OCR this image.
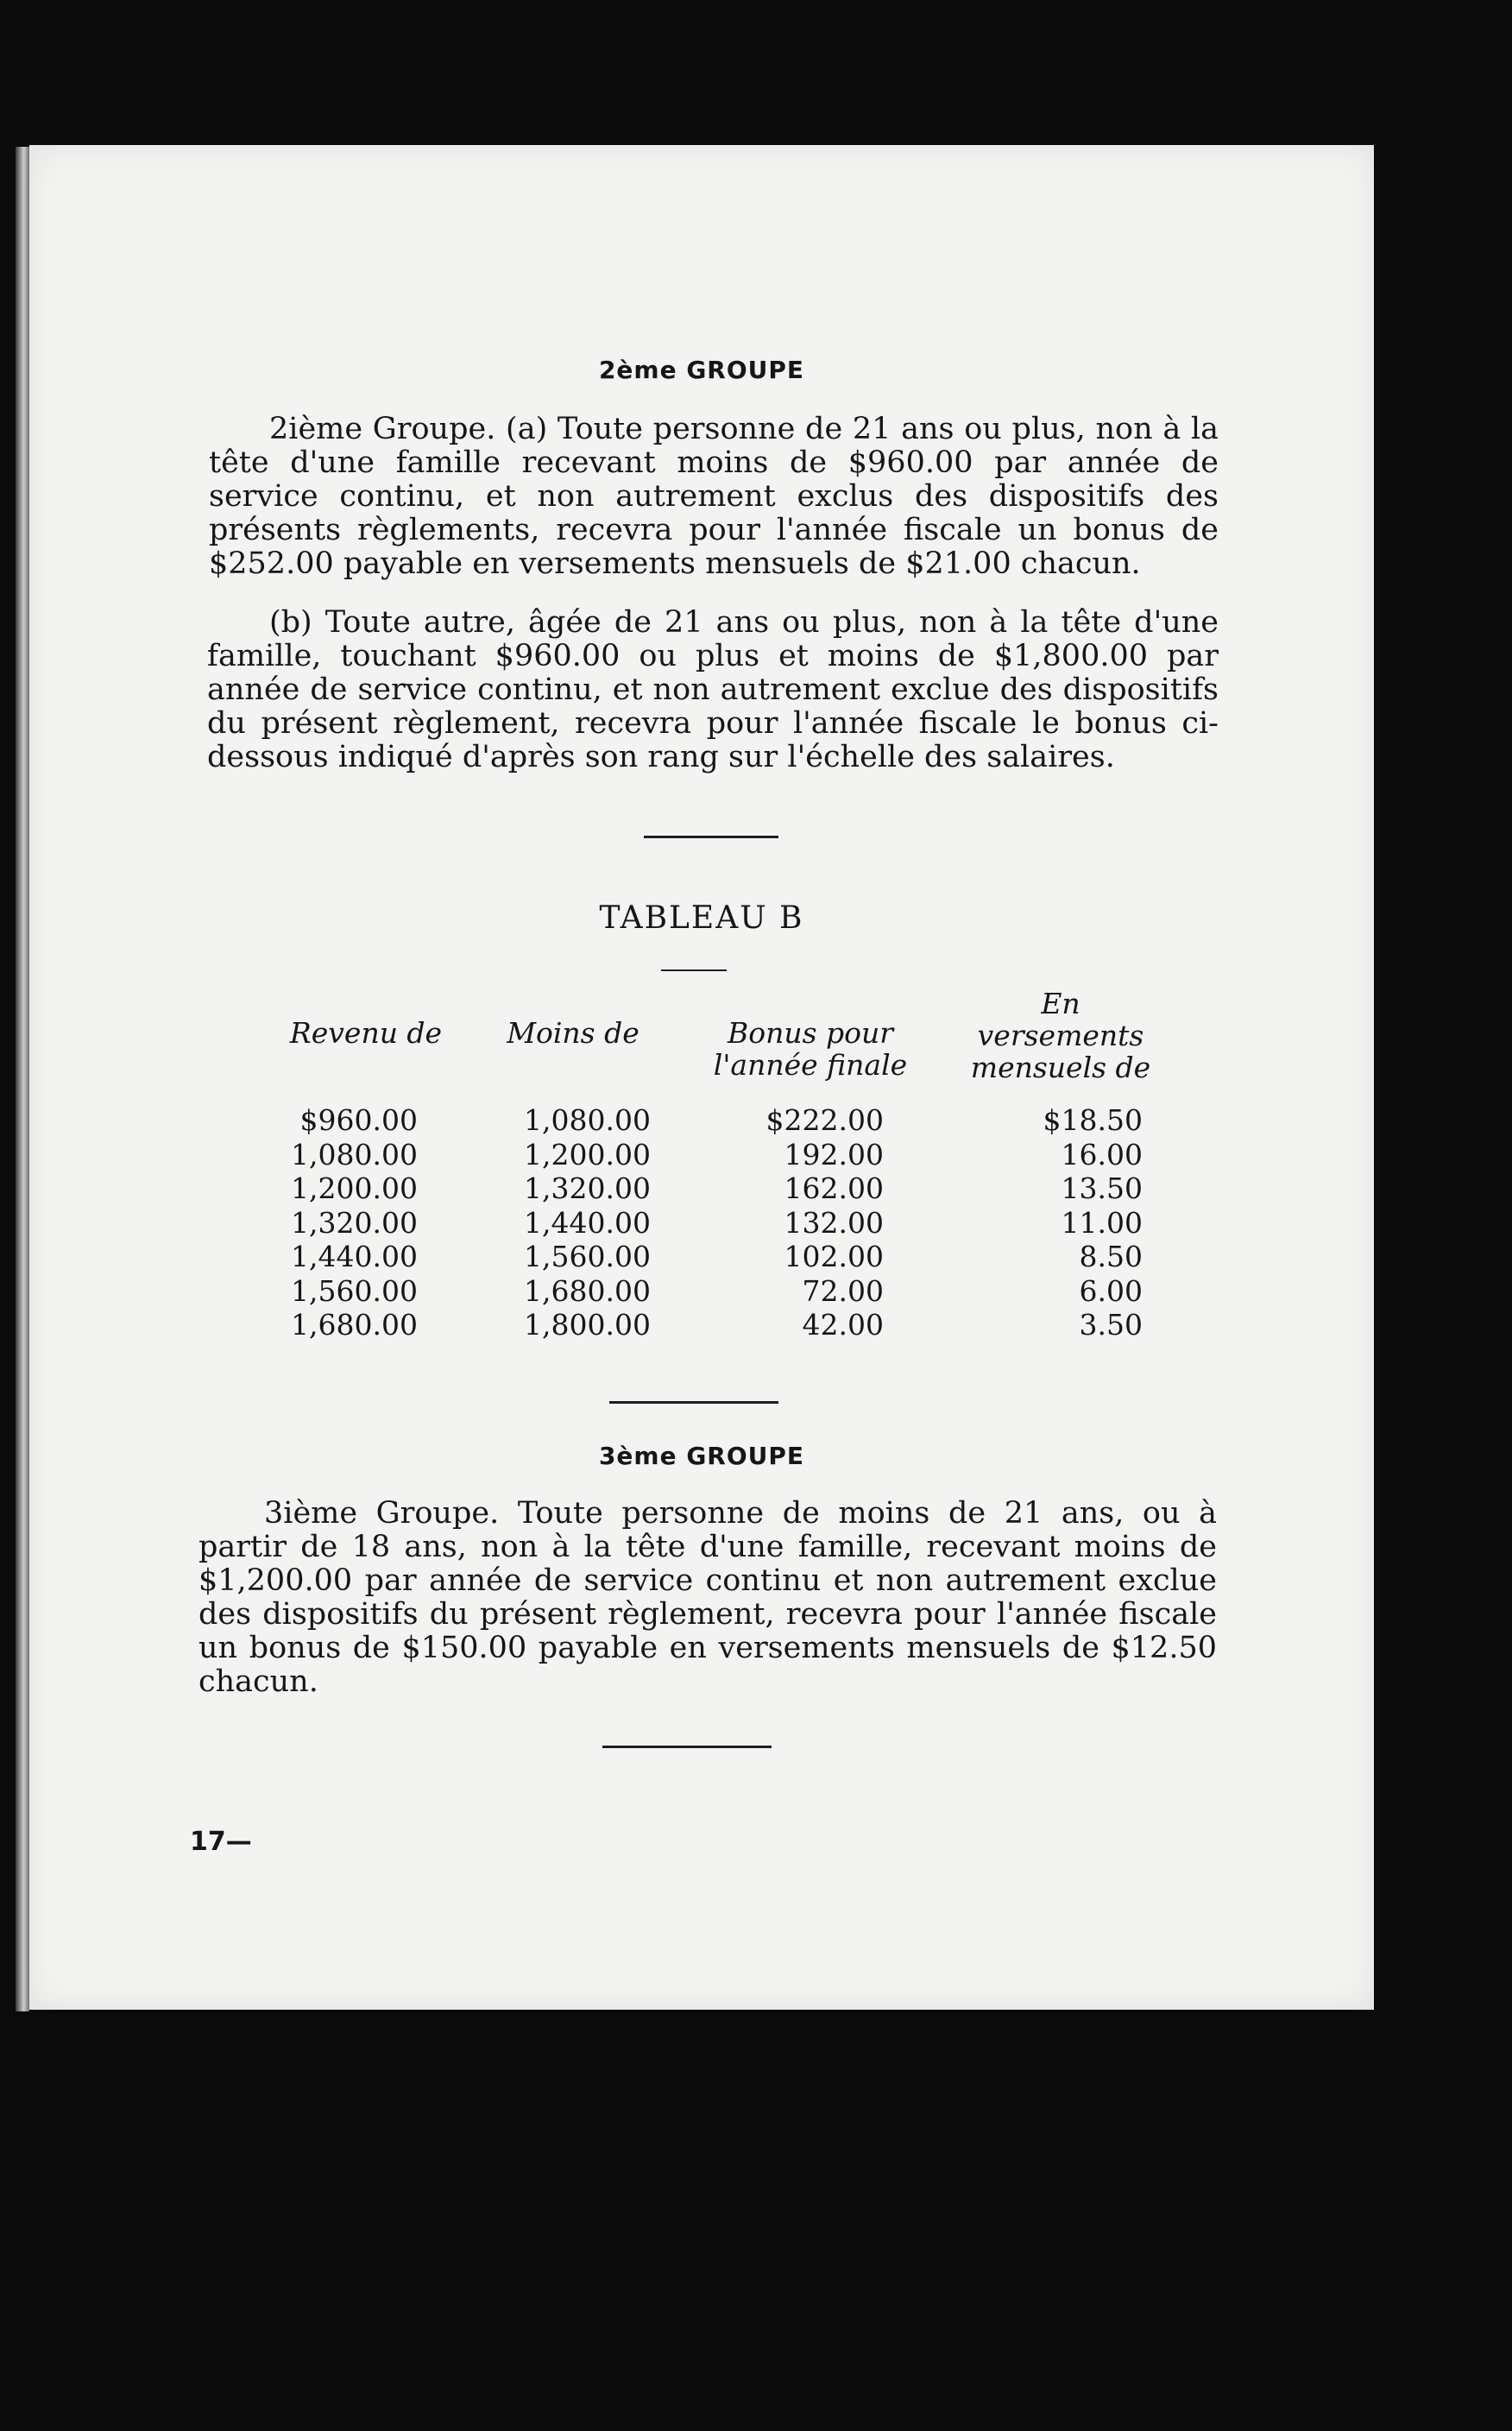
2ème GROUPE

2ième Groupe. (a) Toute personne de 21 ans ou plus, non à la tête d'une famille recevant moins de $960.00 par année de service continu, et non autrement exclus des dispositifs des présents règlements, recevra pour l'année fiscale un bonus de $252.00 payable en versements mensuels de $21.00 chacun.

(b) Toute autre, âgée de 21 ans ou plus, non à la tête d'une famille, touchant $960.00 ou plus et moins de $1,800.00 par année de service continu, et non autrement exclue des dispositifs du présent règlement, recevra pour l'année fiscale le bonus ci-dessous indiqué d'après son rang sur l'échelle des salaires.

TABLEAU B
Revenu de	Moins de	Bonus pour l'année finale
En versements mensuels de
$960.00
1,080.00
1,200.00
1,320.00
1,440.00
1,560.00
1,680.00
1,080.00
1,200.00
1,320.00
1,440.00
1,560.00
1,680.00
1,800.00
$222.00
192.00
162.00
132.00
102.00
72.00
42.00
$18.50
16.00
13.50
11.00
8.50
6.00
3.50
3ème GROUPE

3ième Groupe. Toute personne de moins de 21 ans, ou à partir de 18 ans, non à la tête d'une famille, recevant moins de $1,200.00 par année de service continu et non autrement exclue des dispositifs du présent règlement, recevra pour l'année fiscale un bonus de $150.00 payable en versements mensuels de $12.50 chacun.

17—
